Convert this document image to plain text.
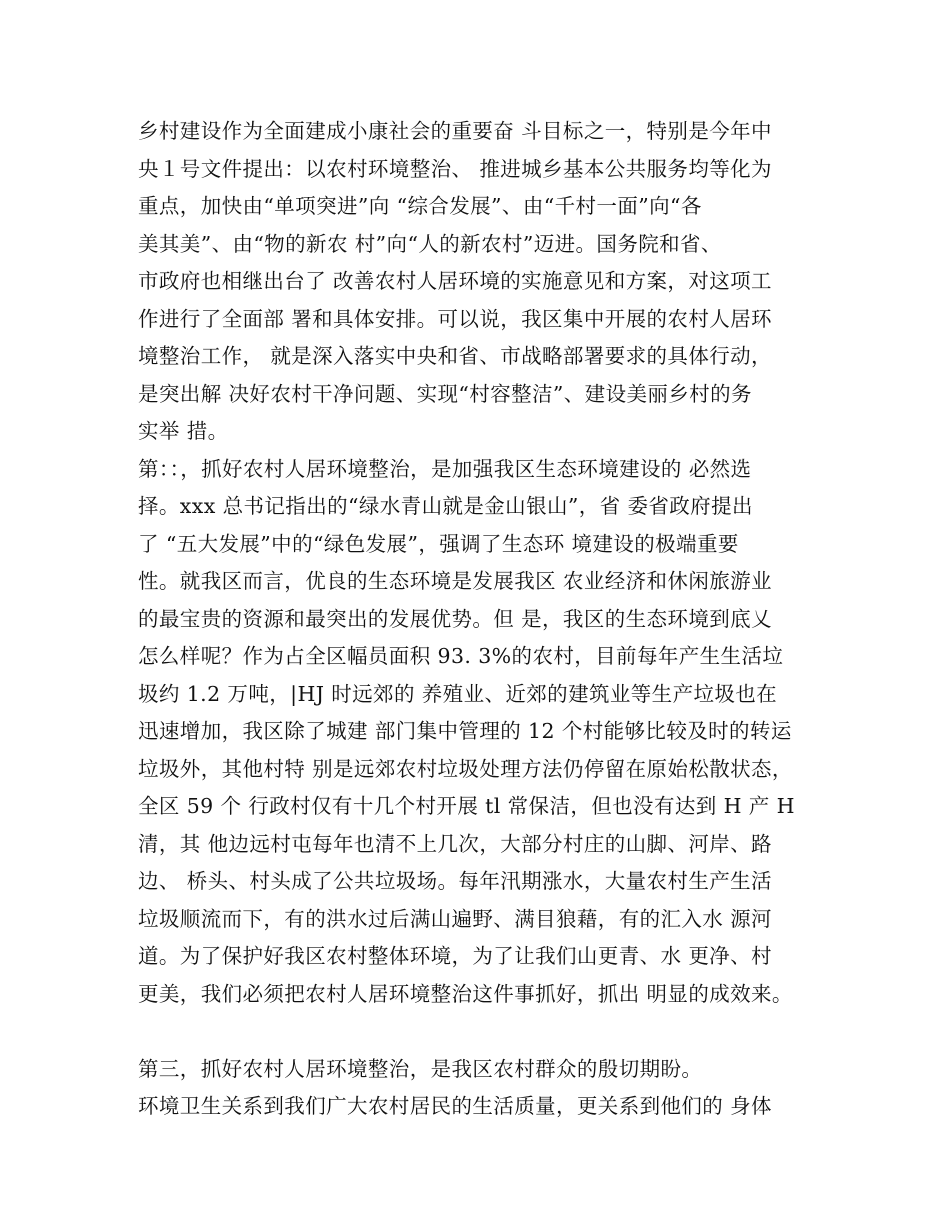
乡村建设作为全面建成小康社会的重要奋 斗目标之一，特别是今年中
央１号文件提出：以农村环境整治、 推进城乡基本公共服务均等化为
重点，加快由“单项突进”向 “综合发展”、由“千村一面”向“各
美其美”、由“物的新农 村”向“人的新农村”迈进。国务院和省、
市政府也相继出台了 改善农村人居环境的实施意见和方案，对这项工
作进行了全面部 署和具体安排。可以说，我区集中开展的农村人居环
境整治工作， 就是深入落实中央和省、市战略部署要求的具体行动，
是突出解 决好农村干净问题、实现“村容整洁”、建设美丽乡村的务
实举 措。
第：：，抓好农村人居环境整治，是加强我区生态环境建设的 必然选
择。xxx 总书记指出的“绿水青山就是金山银山”，省 委省政府提出
了 “五大发展”中的“绿色发展”，强调了生态环 境建设的极端重要
性。就我区而言，优良的生态环境是发展我区 农业经济和休闲旅游业
的最宝贵的资源和最突出的发展优势。但 是，我区的生态环境到底乂
怎么样呢？作为占全区幅员面积 93. 3%的农村，目前每年产生生活垃
圾约 1.2 万吨，|HJ 时远郊的 养殖业、近郊的建筑业等生产垃圾也在
迅速增加，我区除了城建 部门集中管理的 12 个村能够比较及时的转运
垃圾外，其他村特 别是远郊农村垃圾处理方法仍停留在原始松散状态，
全区 59 个 行政村仅有十几个村开展 tl 常保洁，但也没有达到 H 产 H
清，其 他边远村屯每年也清不上几次，大部分村庄的山脚、河岸、路
边、 桥头、村头成了公共垃圾场。每年汛期涨水，大量农村生产生活
垃圾顺流而下，有的洪水过后满山遍野、满目狼藉，有的汇入水 源河
道。为了保护好我区农村整体环境，为了让我们山更青、水 更净、村
更美，我们必须把农村人居环境整治这件事抓好，抓出 明显的成效来。
第三，抓好农村人居环境整治，是我区农村群众的殷切期盼。
环境卫生关系到我们广大农村居民的生活质量，更关系到他们的 身体
